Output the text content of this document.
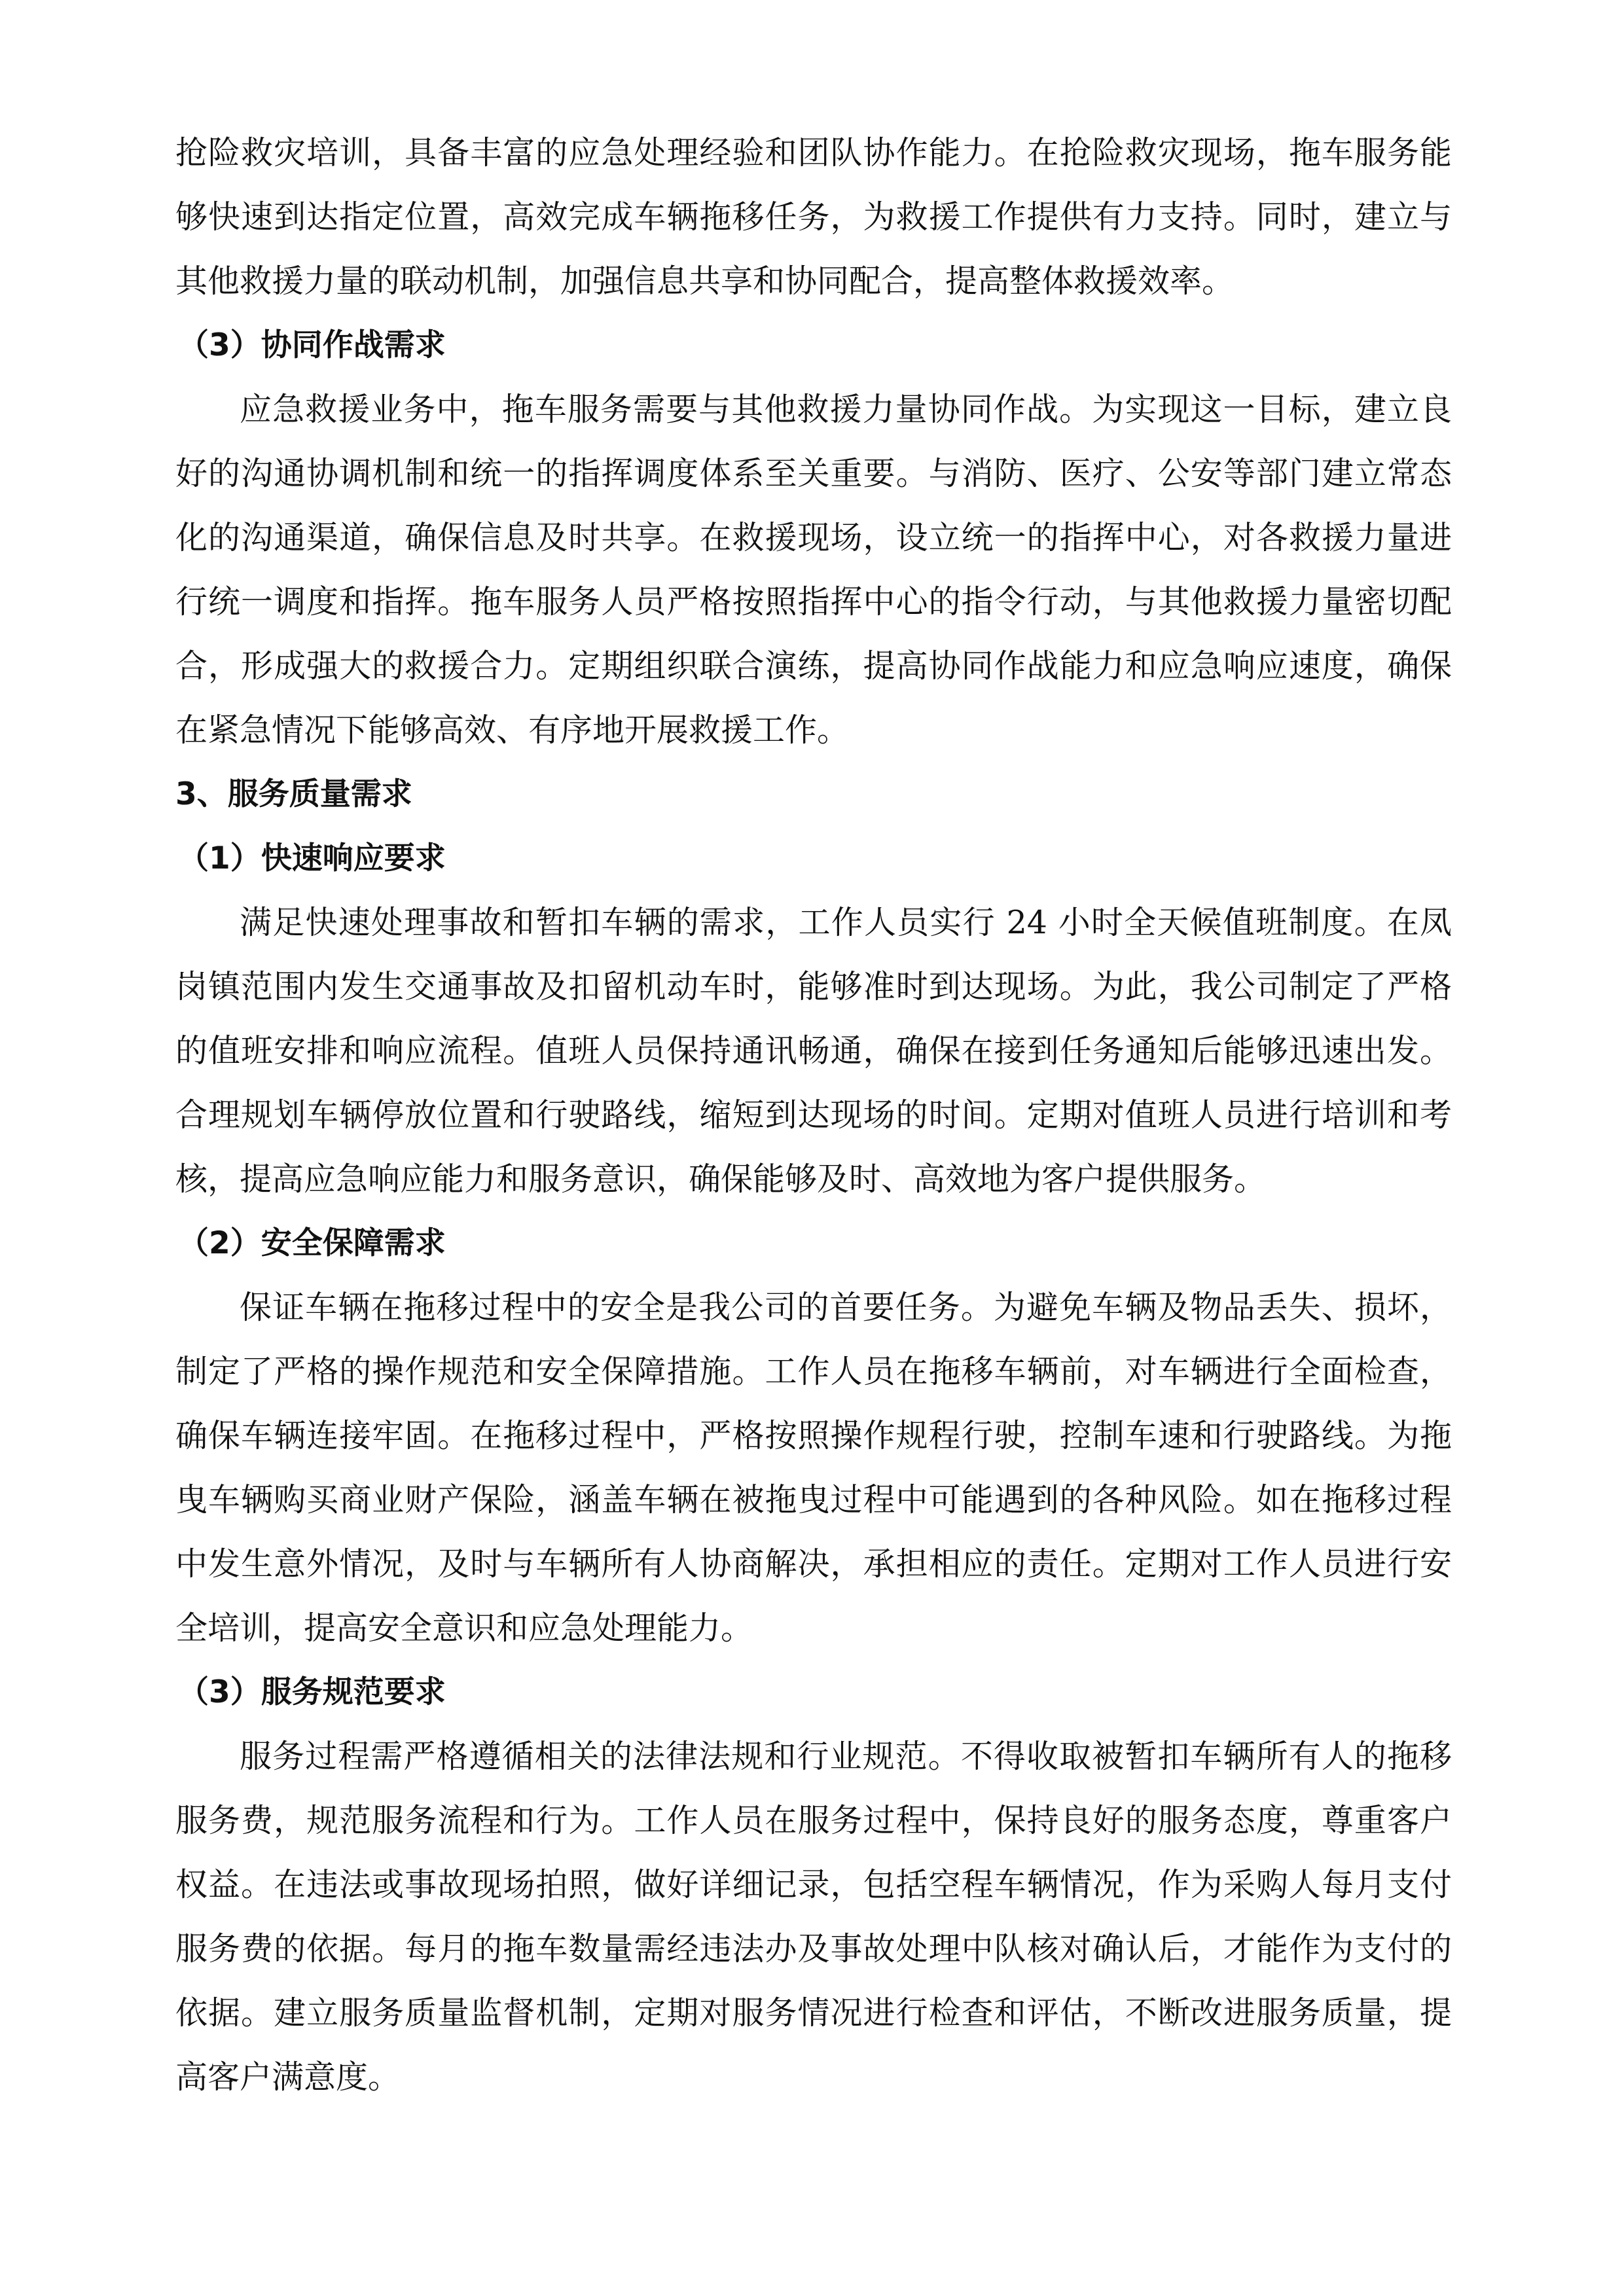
抢险救灾培训，具备丰富的应急处理经验和团队协作能力。在抢险救灾现场，拖车服务能够快速到达指定位置，高效完成车辆拖移任务，为救援工作提供有力支持。同时，建立与其他救援力量的联动机制，加强信息共享和协同配合，提高整体救援效率。

（3）协同作战需求

应急救援业务中，拖车服务需要与其他救援力量协同作战。为实现这一目标，建立良好的沟通协调机制和统一的指挥调度体系至关重要。与消防、医疗、公安等部门建立常态化的沟通渠道，确保信息及时共享。在救援现场，设立统一的指挥中心，对各救援力量进行统一调度和指挥。拖车服务人员严格按照指挥中心的指令行动，与其他救援力量密切配合，形成强大的救援合力。定期组织联合演练，提高协同作战能力和应急响应速度，确保在紧急情况下能够高效、有序地开展救援工作。

3、服务质量需求
（1）快速响应要求

满足快速处理事故和暂扣车辆的需求，工作人员实行 24 小时全天候值班制度。在凤岗镇范围内发生交通事故及扣留机动车时，能够准时到达现场。为此，我公司制定了严格的值班安排和响应流程。值班人员保持通讯畅通，确保在接到任务通知后能够迅速出发。合理规划车辆停放位置和行驶路线，缩短到达现场的时间。定期对值班人员进行培训和考核，提高应急响应能力和服务意识，确保能够及时、高效地为客户提供服务。

（2）安全保障需求

保证车辆在拖移过程中的安全是我公司的首要任务。为避免车辆及物品丢失、损坏，制定了严格的操作规范和安全保障措施。工作人员在拖移车辆前，对车辆进行全面检查，确保车辆连接牢固。在拖移过程中，严格按照操作规程行驶，控制车速和行驶路线。为拖曳车辆购买商业财产保险，涵盖车辆在被拖曳过程中可能遇到的各种风险。如在拖移过程中发生意外情况，及时与车辆所有人协商解决，承担相应的责任。定期对工作人员进行安全培训，提高安全意识和应急处理能力。

（3）服务规范要求

服务过程需严格遵循相关的法律法规和行业规范。不得收取被暂扣车辆所有人的拖移服务费，规范服务流程和行为。工作人员在服务过程中，保持良好的服务态度，尊重客户权益。在违法或事故现场拍照，做好详细记录，包括空程车辆情况，作为采购人每月支付服务费的依据。每月的拖车数量需经违法办及事故处理中队核对确认后，才能作为支付的依据。建立服务质量监督机制，定期对服务情况进行检查和评估，不断改进服务质量，提高客户满意度。
